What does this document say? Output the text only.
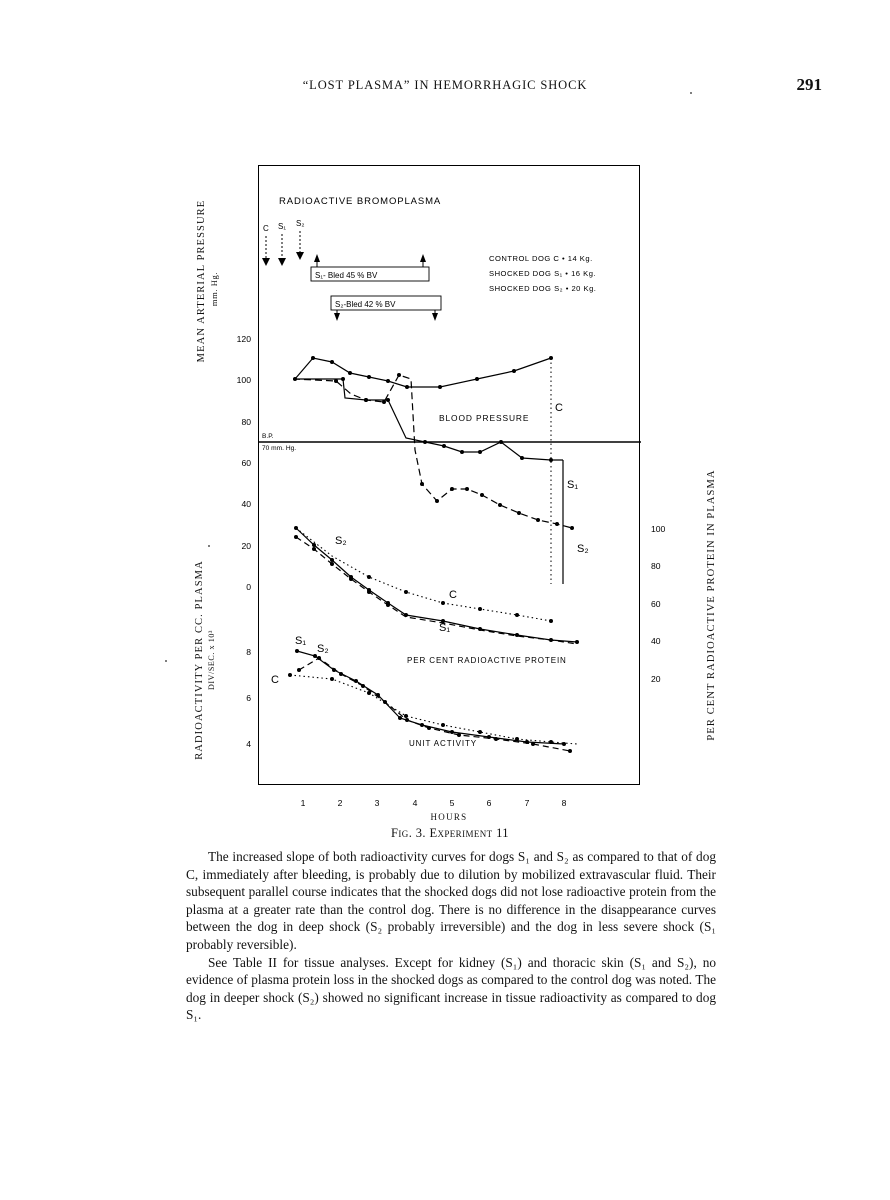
“LOST PLASMA” IN HEMORRHAGIC SHOCK	291
RADIOACTIVE BROMOPLASMA
CONTROL DOG C • 14 Kg.
SHOCKED DOG S₁ • 16 Kg.
SHOCKED DOG S₂ • 20 Kg.
C S₁ S₂
S₁- Bled 45 % BV
S₂-Bled 42 % BV
120
100
80
60
40
20
0
8
6
4
100
80
60
40
20
1	2	3	4	5	6	7	8
B.P.
70 mm. Hg.
BLOOD PRESSURE
PER CENT RADIOACTIVE PROTEIN
UNIT ACTIVITY
C
S₁
S₂
C
S₁
S₂
C
S₁
S₂
MEAN ARTERIAL PRESSURE mm. Hg.
RADIOACTIVITY PER CC. PLASMA DIV/SEC. x 10³	PER CENT RADIOACTIVE PROTEIN IN PLASMA
HOURS
Fig. 3. Experiment 11

The increased slope of both radioactivity curves for dogs S₁ and S₂ as compared to that of dog C, immediately after bleeding, is probably due to dilution by mobilized extravascular fluid. Their subsequent parallel course indicates that the shocked dogs did not lose radioactive protein from the plasma at a greater rate than the control dog. There is no difference in the disappearance curves between the dog in deep shock (S₂ probably irreversible) and the dog in less severe shock (S₁ probably reversible).

See Table II for tissue analyses. Except for kidney (S₁) and thoracic skin (S₁ and S₂), no evidence of plasma protein loss in the shocked dogs as compared to the control dog was noted. The dog in deeper shock (S₂) showed no significant increase in tissue radioactivity as compared to dog S₁.
